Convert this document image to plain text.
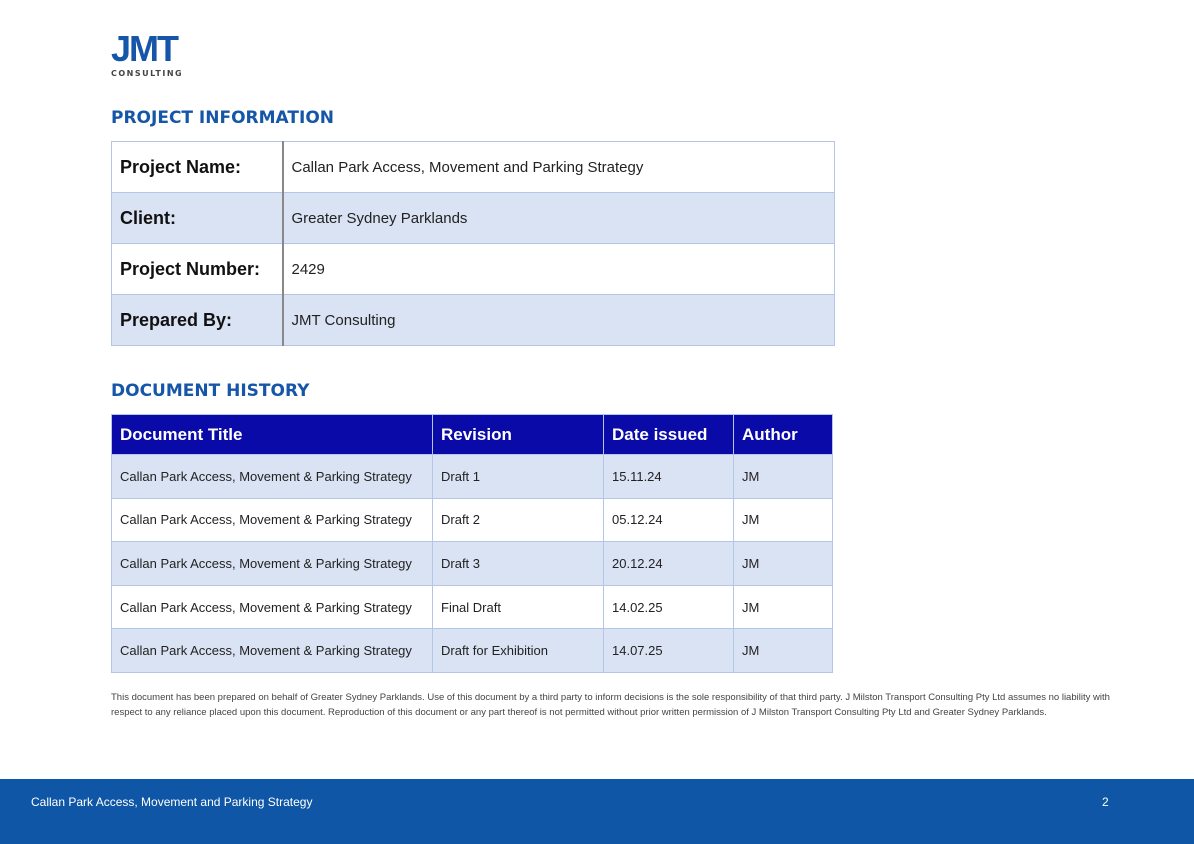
JMT
CONSULTING
PROJECT INFORMATION
Project Name:	Callan Park Access, Movement and Parking Strategy
Client:	Greater Sydney Parklands
Project Number:	2429
Prepared By:	JMT Consulting
DOCUMENT HISTORY
Document Title	Revision	Date issued	Author
Callan Park Access, Movement & Parking Strategy	Draft 1	15.11.24	JM
Callan Park Access, Movement & Parking Strategy	Draft 2	05.12.24	JM
Callan Park Access, Movement & Parking Strategy	Draft 3	20.12.24	JM
Callan Park Access, Movement & Parking Strategy	Final Draft	14.02.25	JM
Callan Park Access, Movement & Parking Strategy	Draft for Exhibition	14.07.25	JM

This document has been prepared on behalf of Greater Sydney Parklands. Use of this document by a third party to inform decisions is the sole responsibility of that third party. J Milston Transport Consulting Pty Ltd assumes no liability with respect to any reliance placed upon this document. Reproduction of this document or any part thereof is not permitted without prior written permission of J Milston Transport Consulting Pty Ltd and Greater Sydney Parklands.

Callan Park Access, Movement and Parking Strategy	2
